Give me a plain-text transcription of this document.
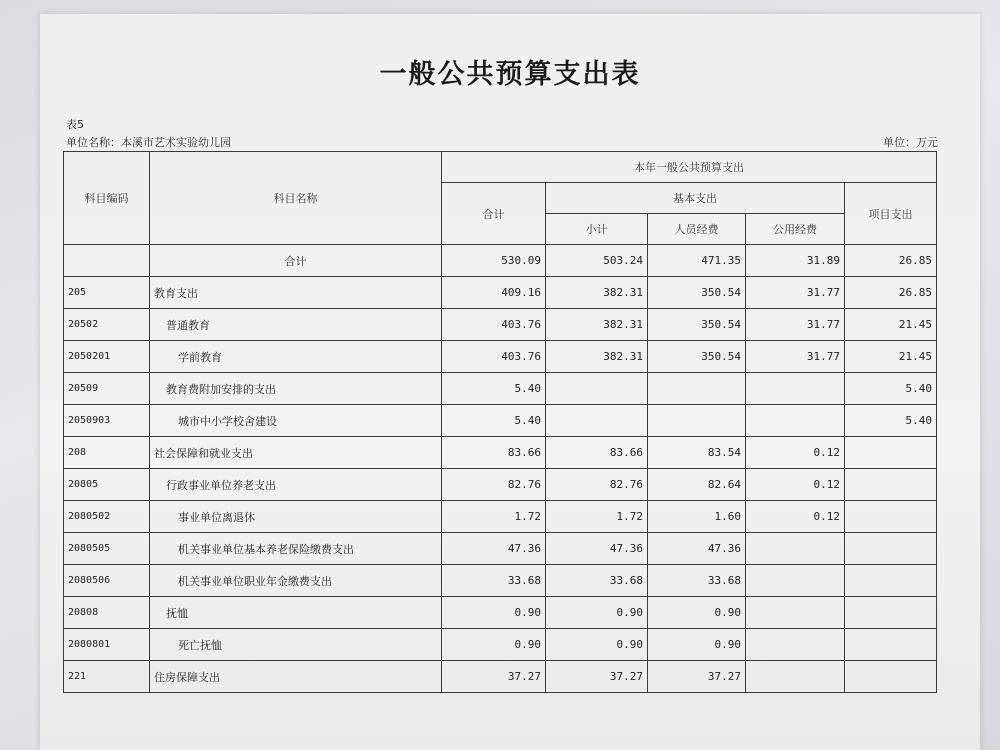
一般公共预算支出表
表5
单位名称：本溪市艺术实验幼儿园	单位：万元
科目编码	科目名称	本年一般公共预算支出				
		合计	基本支出			项目支出
			小计	人员经费	公用经费	
	合计	530.09	503.24	471.35	31.89	26.85
205	教育支出	409.16	382.31	350.54	31.77	26.85
20502	普通教育	403.76	382.31	350.54	31.77	21.45
2050201	学前教育	403.76	382.31	350.54	31.77	21.45
20509	教育费附加安排的支出	5.40				5.40
2050903	城市中小学校舍建设	5.40				5.40
208	社会保障和就业支出	83.66	83.66	83.54	0.12	
20805	行政事业单位养老支出	82.76	82.76	82.64	0.12	
2080502	事业单位离退休	1.72	1.72	1.60	0.12	
2080505	机关事业单位基本养老保险缴费支出	47.36	47.36	47.36		
2080506	机关事业单位职业年金缴费支出	33.68	33.68	33.68		
20808	抚恤	0.90	0.90	0.90		
2080801	死亡抚恤	0.90	0.90	0.90		
221	住房保障支出	37.27	37.27	37.27		
